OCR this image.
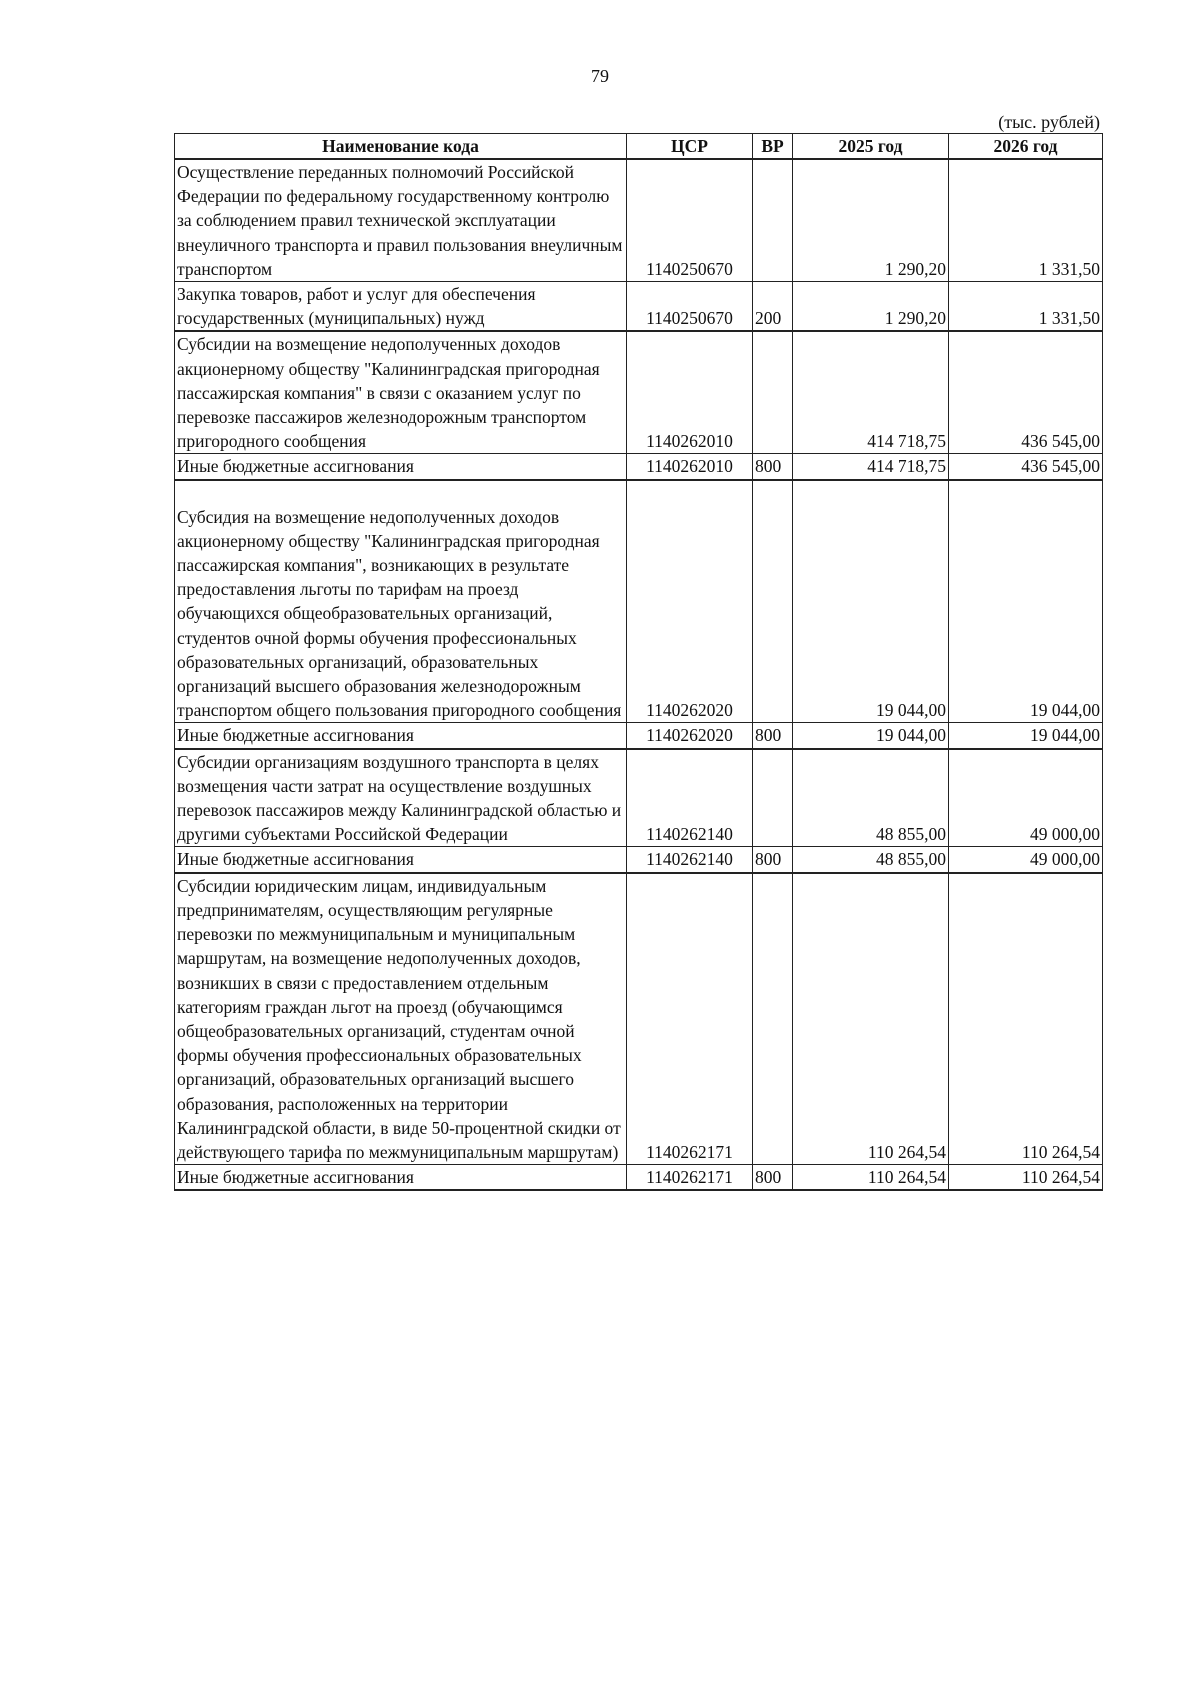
79
(тыс. рублей)
Наименование кода	ЦСР	ВР	2025 год	2026 год
Осуществление переданных полномочий Российской Федерации по федеральному государственному контролю за соблюдением правил технической эксплуатации внеуличного транспорта и правил пользования внеуличным транспортом	1140250670		1 290,20	1 331,50
Закупка товаров, работ и услуг для обеспечения государственных (муниципальных) нужд	1140250670	200	1 290,20	1 331,50
Субсидии на возмещение недополученных доходов акционерному обществу "Калининградская пригородная пассажирская компания" в связи с оказанием услуг по перевозке пассажиров железнодорожным транспортом пригородного сообщения	1140262010		414 718,75	436 545,00
Иные бюджетные ассигнования	1140262010	800	414 718,75	436 545,00
Субсидия на возмещение недополученных доходов акционерному обществу "Калининградская пригородная пассажирская компания", возникающих в результате предоставления льготы по тарифам на проезд обучающихся общеобразовательных организаций, студентов очной формы обучения профессиональных образовательных организаций, образовательных организаций высшего образования железнодорожным транспортом общего пользования пригородного сообщения	1140262020		19 044,00	19 044,00
Иные бюджетные ассигнования	1140262020	800	19 044,00	19 044,00
Субсидии организациям воздушного транспорта в целях возмещения части затрат на осуществление воздушных перевозок пассажиров между Калининградской областью и другими субъектами Российской Федерации	1140262140		48 855,00	49 000,00
Иные бюджетные ассигнования	1140262140	800	48 855,00	49 000,00
Субсидии юридическим лицам, индивидуальным предпринимателям, осуществляющим регулярные перевозки по межмуниципальным и муниципальным маршрутам, на возмещение недополученных доходов, возникших в связи с предоставлением отдельным категориям граждан льгот на проезд (обучающимся общеобразовательных организаций, студентам очной формы обучения профессиональных образовательных организаций, образовательных организаций высшего образования, расположенных на территории Калининградской области, в виде 50-процентной скидки от действующего тарифа по межмуниципальным маршрутам)	1140262171		110 264,54	110 264,54
Иные бюджетные ассигнования	1140262171	800	110 264,54	110 264,54
